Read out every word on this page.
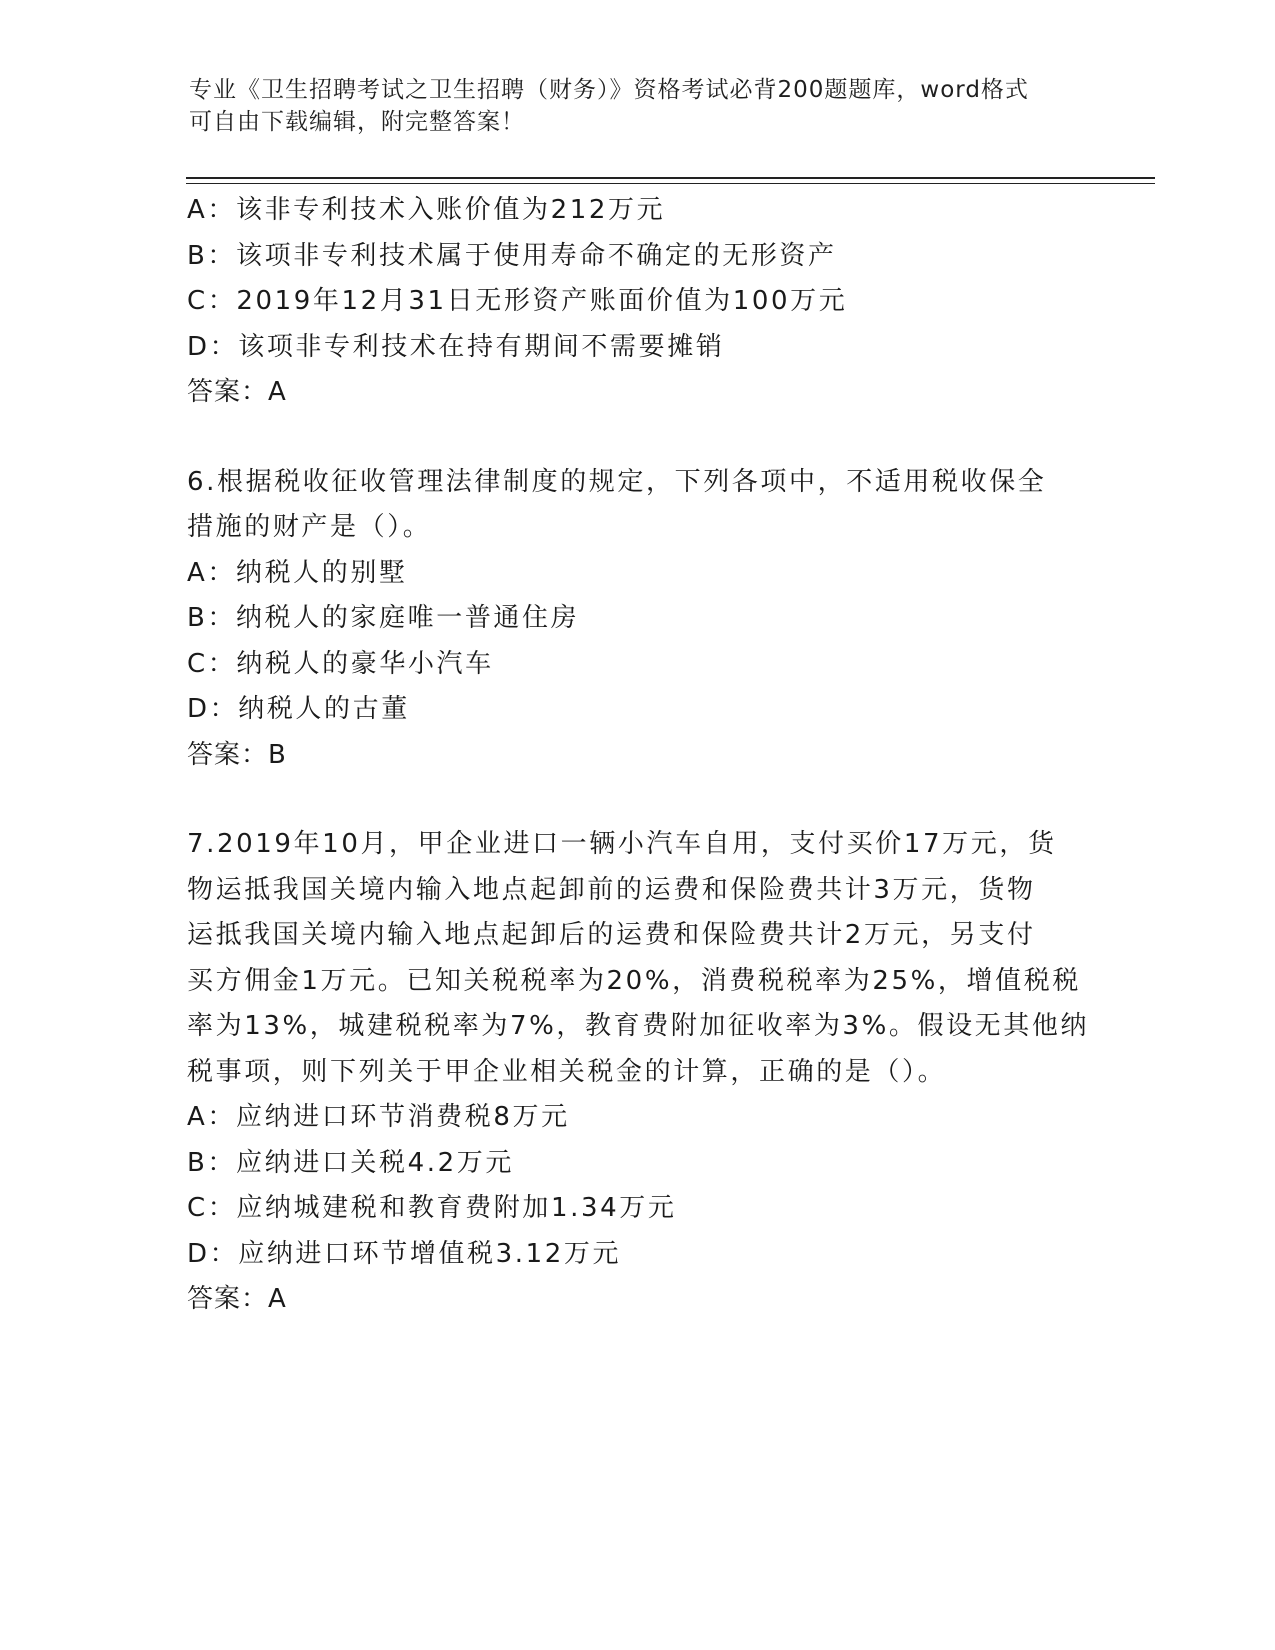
专业《卫生招聘考试之卫生招聘（财务）》资格考试必背200题题库，word格式
可自由下载编辑，附完整答案！
A：该非专利技术入账价值为212万元
B：该项非专利技术属于使用寿命不确定的无形资产
C：2019年12月31日无形资产账面价值为100万元
D：该项非专利技术在持有期间不需要摊销
答案：A
6.根据税收征收管理法律制度的规定，下列各项中，不适用税收保全
措施的财产是（）。
A：纳税人的别墅
B：纳税人的家庭唯一普通住房
C：纳税人的豪华小汽车
D：纳税人的古董
答案：B
7.2019年10月，甲企业进口一辆小汽车自用，支付买价17万元，货
物运抵我国关境内输入地点起卸前的运费和保险费共计3万元，货物
运抵我国关境内输入地点起卸后的运费和保险费共计2万元，另支付
买方佣金1万元。已知关税税率为20%，消费税税率为25%，增值税税
率为13%，城建税税率为7%，教育费附加征收率为3%。假设无其他纳
税事项，则下列关于甲企业相关税金的计算，正确的是（）。
A：应纳进口环节消费税8万元
B：应纳进口关税4.2万元
C：应纳城建税和教育费附加1.34万元
D：应纳进口环节增值税3.12万元
答案：A
